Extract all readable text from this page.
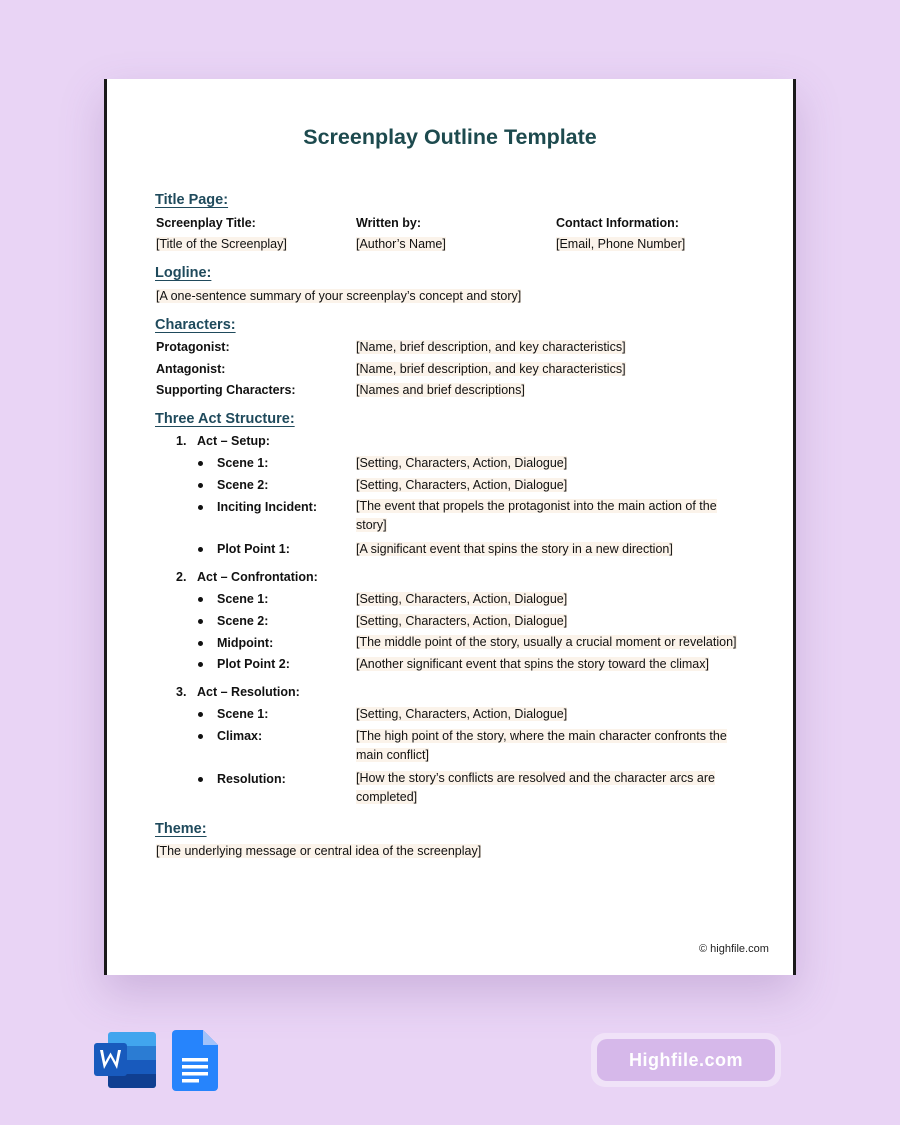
Screenplay Outline Template
Title Page:
Screenplay Title:	Written by:	Contact Information:
[Title of the Screenplay]	[Author’s Name]	[Email, Phone Number]
Logline:
[A one-sentence summary of your screenplay’s concept and story]
Characters:
Protagonist:	[Name, brief description, and key characteristics]
Antagonist:	[Name, brief description, and key characteristics]
Supporting Characters:	[Names and brief descriptions]
Three Act Structure:
1. Act – Setup:
Scene 1:	[Setting, Characters, Action, Dialogue]
Scene 2:	[Setting, Characters, Action, Dialogue]
Inciting Incident:	[The event that propels the protagonist into the main action of the story]
Plot Point 1:	[A significant event that spins the story in a new direction]
2. Act – Confrontation:
Scene 1:	[Setting, Characters, Action, Dialogue]
Scene 2:	[Setting, Characters, Action, Dialogue]
Midpoint:	[The middle point of the story, usually a crucial moment or revelation]
Plot Point 2:	[Another significant event that spins the story toward the climax]
3. Act – Resolution:
Scene 1:	[Setting, Characters, Action, Dialogue]
Climax:	[The high point of the story, where the main character confronts the main conflict]
Resolution:	[How the story’s conflicts are resolved and the character arcs are completed]
Theme:
[The underlying message or central idea of the screenplay]
© highfile.com
Highfile.com
